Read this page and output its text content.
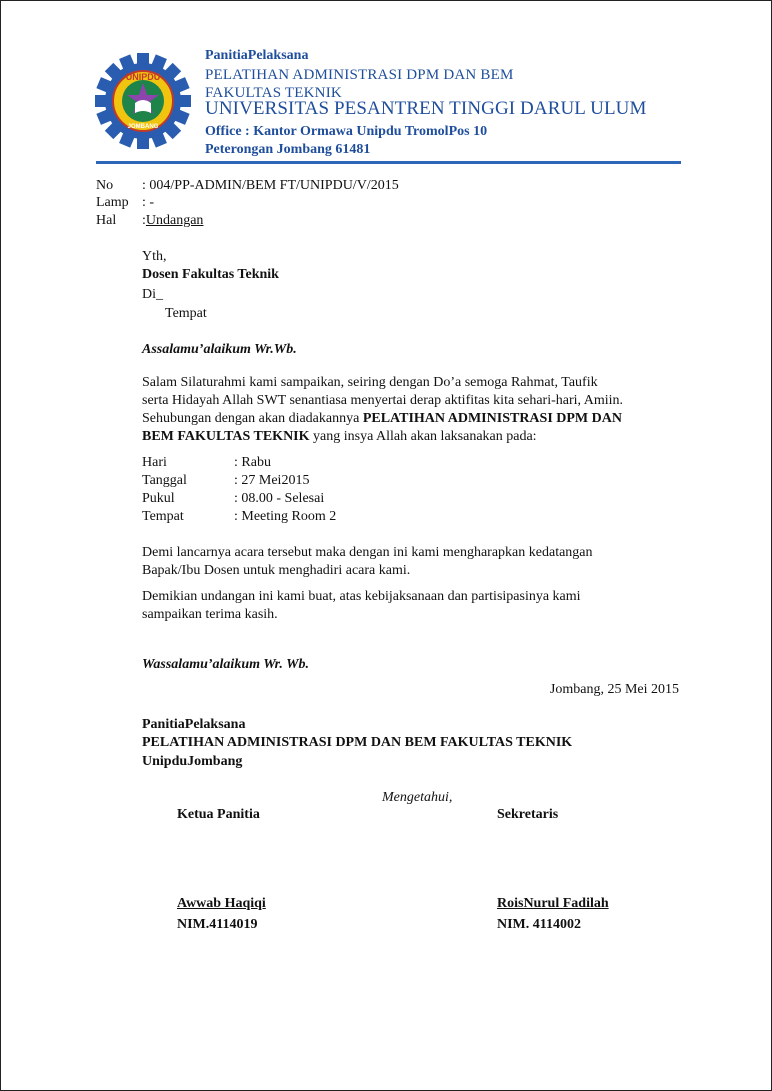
UNIPDU
JOMBANG
PanitiaPelaksana
PELATIHAN ADMINISTRASI DPM DAN BEM
FAKULTAS TEKNIK
UNIVERSITAS PESANTREN TINGGI DARUL ULUM
Office : Kantor Ormawa Unipdu TromolPos 10
Peterongan Jombang 61481
No : 004/PP-ADMIN/BEM FT/UNIPDU/V/2015
Lamp : -
Hal :Undangan
Yth,
Dosen Fakultas Teknik
Di_
Tempat
Assalamu’alaikum Wr.Wb.
Salam Silaturahmi kami sampaikan, seiring dengan Do’a semoga Rahmat, Taufik
serta Hidayah Allah SWT senantiasa menyertai derap aktifitas kita sehari-hari, Amiin.
Sehubungan dengan akan diadakannya PELATIHAN ADMINISTRASI DPM DAN
BEM FAKULTAS TEKNIK yang insya Allah akan laksanakan pada:
Hari	: Rabu
Tanggal	: 27 Mei2015
Pukul	: 08.00 - Selesai
Tempat	: Meeting Room 2
Demi lancarnya acara tersebut maka dengan ini kami mengharapkan kedatangan
Bapak/Ibu Dosen untuk menghadiri acara kami.
Demikian undangan ini kami buat, atas kebijaksanaan dan partisipasinya kami
sampaikan terima kasih.
Wassalamu’alaikum Wr. Wb.
Jombang, 25 Mei 2015
PanitiaPelaksana
PELATIHAN ADMINISTRASI DPM DAN BEM FAKULTAS TEKNIK
UnipduJombang
Mengetahui,
Ketua Panitia	Sekretaris
Awwab Haqiqi	RoisNurul Fadilah
NIM.4114019	NIM. 4114002
